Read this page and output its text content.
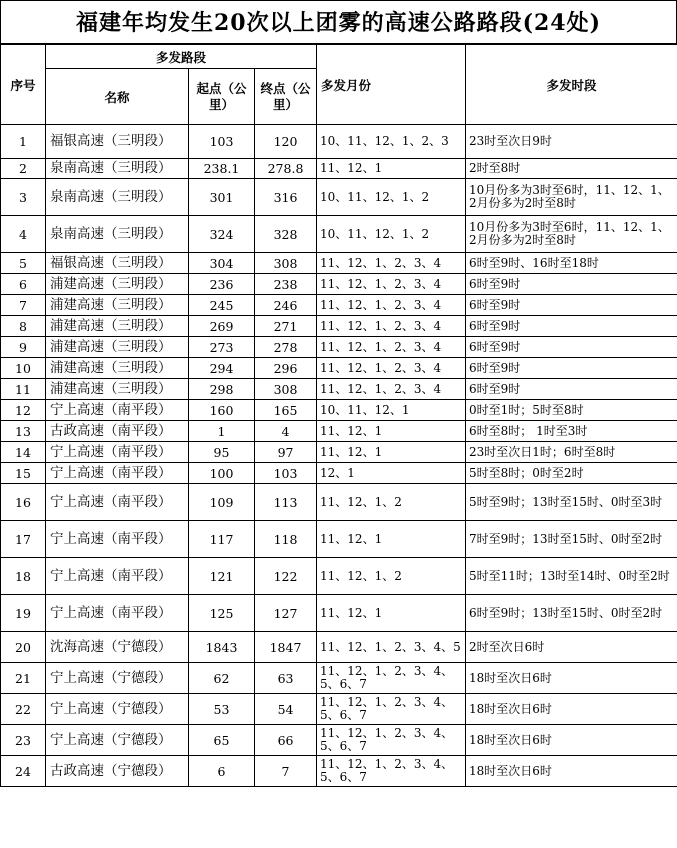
福建年均发生20次以上团雾的高速公路路段(24处)
序号	多发路段			多发月份	多发时段
	名称	起点（公里）	终点（公里）		
1	福银高速（三明段）	103	120	10、11、12、1、2、3	23时至次日9时
2	泉南高速（三明段）	238.1	278.8	11、12、1	2时至8时
3	泉南高速（三明段）	301	316	10、11、12、1、2	10月份多为3时至6时，11、12、1、2月份多为2时至8时
4	泉南高速（三明段）	324	328	10、11、12、1、2	10月份多为3时至6时，11、12、1、2月份多为2时至8时
5	福银高速（三明段）	304	308	11、12、1、2、3、4	6时至9时、16时至18时
6	浦建高速（三明段）	236	238	11、12、1、2、3、4	6时至9时
7	浦建高速（三明段）	245	246	11、12、1、2、3、4	6时至9时
8	浦建高速（三明段）	269	271	11、12、1、2、3、4	6时至9时
9	浦建高速（三明段）	273	278	11、12、1、2、3、4	6时至9时
10	浦建高速（三明段）	294	296	11、12、1、2、3、4	6时至9时
11	浦建高速（三明段）	298	308	11、12、1、2、3、4	6时至9时
12	宁上高速（南平段）	160	165	10、11、12、1	0时至1时；5时至8时
13	古政高速（南平段）	1	4	11、12、1	6时至8时； 1时至3时
14	宁上高速（南平段）	95	97	11、12、1	23时至次日1时；6时至8时
15	宁上高速（南平段）	100	103	12、1	5时至8时；0时至2时
16	宁上高速（南平段）	109	113	11、12、1、2	5时至9时；13时至15时、0时至3时
17	宁上高速（南平段）	117	118	11、12、1	7时至9时；13时至15时、0时至2时
18	宁上高速（南平段）	121	122	11、12、1、2	5时至11时；13时至14时、0时至2时
19	宁上高速（南平段）	125	127	11、12、1	6时至9时；13时至15时、0时至2时
20	沈海高速（宁德段）	1843	1847	11、12、1、2、3、4、5	2时至次日6时
21	宁上高速（宁德段）	62	63	11、12、1、2、3、4、5、6、7	18时至次日6时
22	宁上高速（宁德段）	53	54	11、12、1、2、3、4、5、6、7	18时至次日6时
23	宁上高速（宁德段）	65	66	11、12、1、2、3、4、5、6、7	18时至次日6时
24	古政高速（宁德段）	6	7	11、12、1、2、3、4、5、6、7	18时至次日6时
